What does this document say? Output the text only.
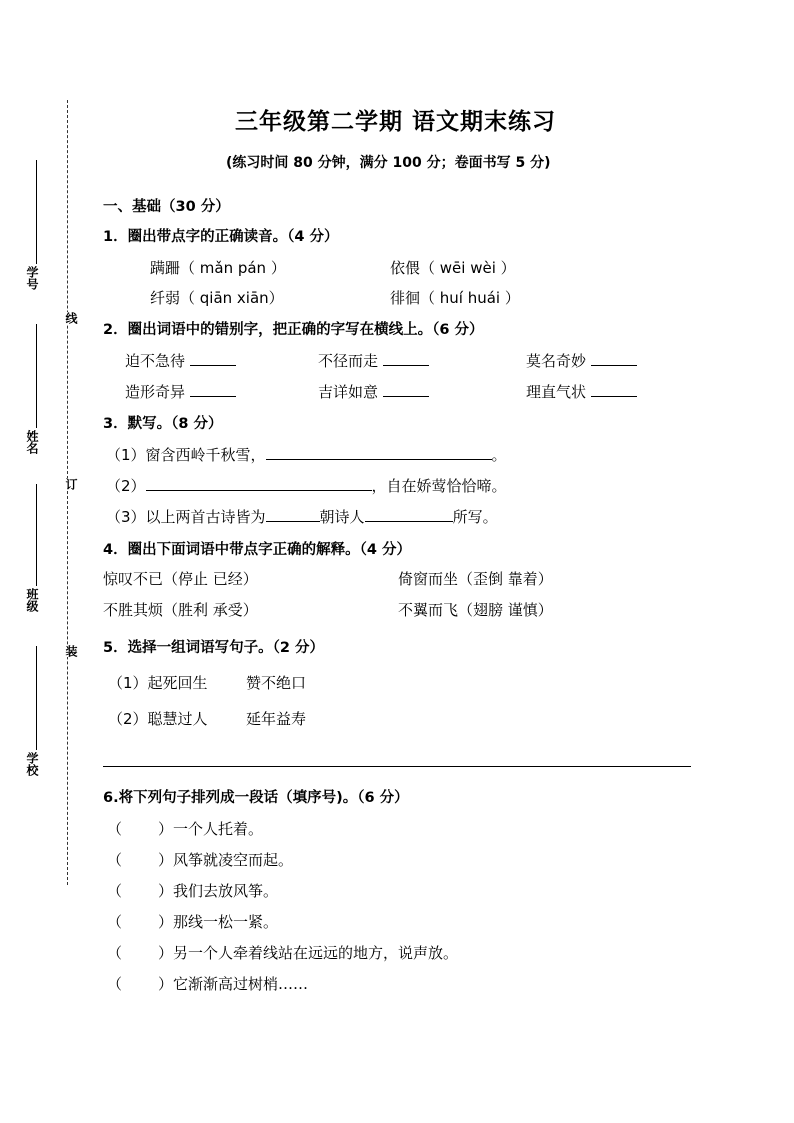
学号
姓名
班级
学校
线
订
装
三年级第二学期 语文期末练习
(练习时间 80 分钟，满分 100 分；卷面书写 5 分)
一、基础（30 分）
1．圈出带点字的正确读音。（4 分）
蹒跚（ mǎn pán ）	依偎（ wēi wèi ）
纤弱（ qiān xiān）	徘徊（ huí huái ）
2．圈出词语中的错别字，把正确的字写在横线上。（6 分）
迫不急待	不径而走	莫名奇妙
造形奇异	吉详如意	理直气状
3．默写。（8 分）
（1）窗含西岭千秋雪，	。
（2）	，自在娇莺恰恰啼。
（3）以上两首古诗皆为	朝诗人	所写。
4．圈出下面词语中带点字正确的解释。（4 分）
惊叹不已（停止 已经）	倚窗而坐（歪倒 靠着）
不胜其烦（胜利 承受）	不翼而飞（翅膀 谨慎）
5．选择一组词语写句子。（2 分）
（1）起死回生	赞不绝口
（2）聪慧过人	延年益寿
6.将下列句子排列成一段话（填序号)。（6 分）
（ ）一个人托着。
（ ）风筝就凌空而起。
（ ）我们去放风筝。
（ ）那线一松一紧。
（ ）另一个人牵着线站在远远的地方，说声放。
（ ）它渐渐高过树梢……
